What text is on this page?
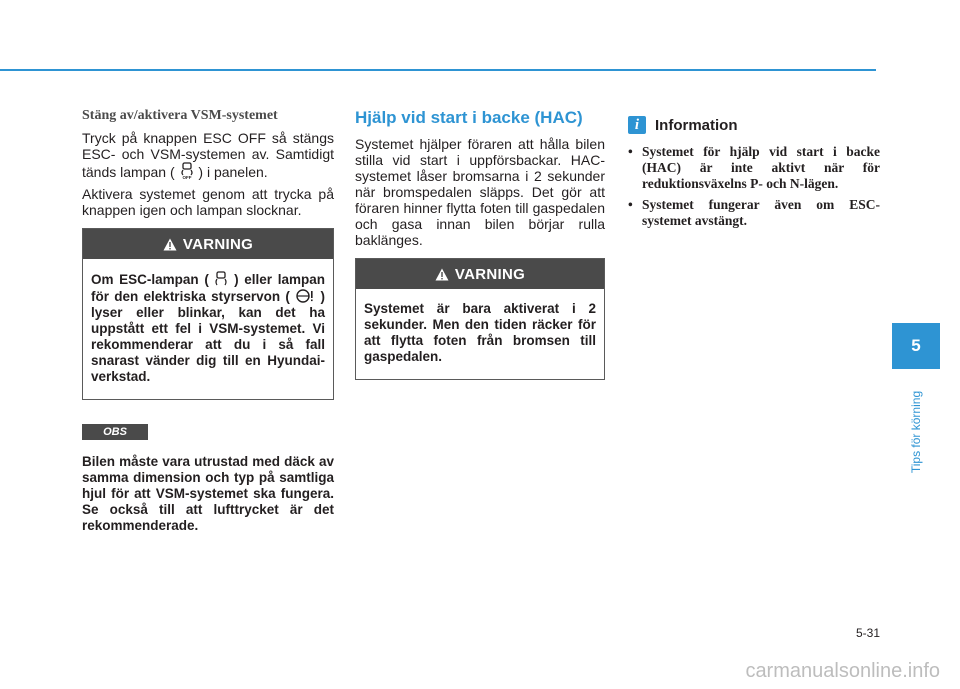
Stäng av/aktivera VSM-systemet

Tryck på knappen ESC OFF så stängs ESC- och VSM-systemen av. Samtidigt tänds lampan ( OFF ) i panelen.

Aktivera systemet genom att trycka på knappen igen och lampan slocknar.

VARNING
Om ESC-lampan ( ) eller lampan för den elektriska styrservon ( ) lyser eller blinkar, kan det ha uppstått ett fel i VSM-systemet. Vi rekommenderar att du i så fall snarast vänder dig till en Hyundai-verkstad.
OBS

Bilen måste vara utrustad med däck av samma dimension och typ på samtliga hjul för att VSM-systemet ska fungera. Se också till att lufttrycket är det rekommenderade.

Hjälp vid start i backe (HAC)

Systemet hjälper föraren att hålla bilen stilla vid start i uppförsbackar. HAC-systemet låser bromsarna i 2 sekunder när bromspedalen släpps. Det gör att föraren hinner flytta foten till gaspedalen och gasa innan bilen börjar rulla baklänges.

VARNING
Systemet är bara aktiverat i 2 sekunder. Men den tiden räcker för att flytta foten från bromsen till gaspedalen.
i	Information
• Systemet för hjälp vid start i backe (HAC) är inte aktivt när för reduktionsväxelns P- och N-lägen.
• Systemet fungerar även om ESC-systemet avstängt.
5
Tips för körning
5-31
carmanualsonline.info
